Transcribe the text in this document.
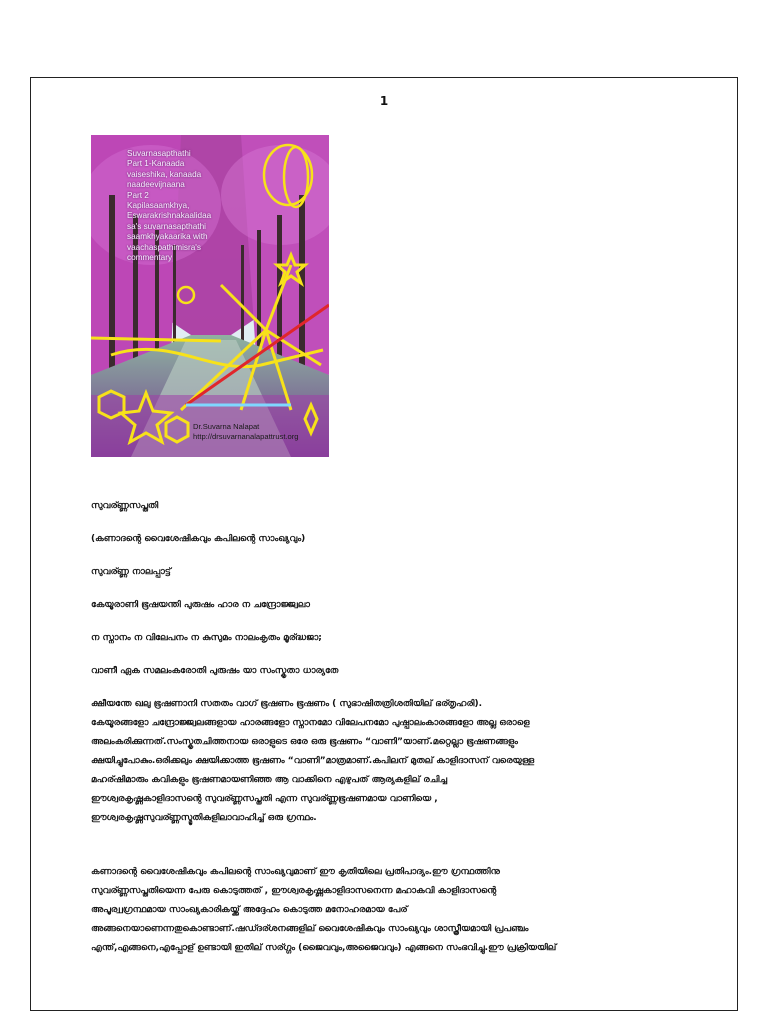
1
Suvarnasapthathi
Part 1-Kanaada
vaiseshika, kanaada
naadeevijnaana
Part 2
Kapilasaamkhya,
Eswarakrishnakaalidaa
sa's suvarnasapthathi
saamkhyakaarika with
vaachaspathimisra's
commentary
Dr.Suvarna Nalapat
http://drsuvarnanalapattrust.org

സുവര്ണ്ണസപ്തതി

(കണാദന്റെ വൈശേഷികവും കപിലന്റെ സാംഖ്യവും)

സുവര്ണ്ണ നാലപ്പാട്ട്

കേയൂരാണി ഭൂഷയന്തി പുരുഷം ഹാര ന ചന്ദ്രോജ്ജ്വലാ

ന സ്നാനം ന വിലേപനം ന കുസുമം നാലംകൃതം മൂര്ദ്ധജാ;

വാണീ ഏക സമലംകരോതി പുരുഷം യാ സംസ്കൃതാ ധാര്യതേ

ക്ഷീയന്തേ ഖലു ഭൂഷണാനി സതതം വാഗ് ഭൂഷണം ഭൂഷണം ( സുഭാഷിതത്രിശതിയില് ഭര്തൃഹരി).

കേയൂരങ്ങളോ ചന്ദ്രോജ്ജ്വലങ്ങളായ ഹാരങ്ങളോ സ്നാനമോ വിലേപനമോ പുഷ്പാലംകാരങ്ങളോ അല്ല ഒരാളെ

അലംകരിക്കുന്നത്.സംസ്കൃതചിത്തനായ ഒരാളുടെ ഒരേ ഒരു ഭൂഷണം “വാണി”യാണ്.മറ്റെല്ലാ ഭൂഷണങ്ങളും

ക്ഷയിച്ചുപോകും.ഒരിക്കലും ക്ഷയിക്കാത്ത ഭൂഷണം “വാണി”മാത്രമാണ്.കപിലന് മുതല് കാളിദാസന് വരെയുള്ള

മഹര്ഷിമാരും കവികളും ഭൂഷണമായണിഞ്ഞ ആ വാക്കിനെ എഴുപത് ആര്യകളില് രചിച്ച

ഈശ്വരകൃഷ്ണകാളിദാസന്റെ സുവര്ണ്ണസപ്തതി എന്ന സുവര്ണ്ണഭൂഷണമായ വാണിയെ ,

ഈശ്വരകൃഷ്ണസുവര്ണ്ണസ്മൃതികളിലാവാഹിച്ച് ഒരു ഗ്രന്ഥം.

കണാദന്റെ വൈശേഷികവും കപിലന്റെ സാംഖ്യവുമാണ് ഈ കൃതിയിലെ പ്രതിപാദ്യം.ഈ ഗ്രന്ഥത്തിനു

സുവര്ണ്ണസപ്തതിയെന്ന പേരു കൊടുത്തത് , ഈശ്വരകൃഷ്ണകാളിദാസനെന്ന മഹാകവി കാളിദാസന്റെ

അപൂര്വ്വഗ്രന്ഥമായ സാംഖ്യകാരികയ്ക്ക് അദ്ദേഹം കൊടുത്ത മനോഹരമായ പേര്

അങ്ങനെയാണെന്നതുകൊണ്ടാണ്.ഷഡ്ദര്ശനങ്ങളില് വൈശേഷികവും സാംഖ്യവും ശാസ്ത്രീയമായി പ്രപഞ്ചം

എന്ത്,എങ്ങനെ,എപ്പോള് ഉണ്ടായി ഇതില് സര്ഗ്ഗം (ജൈവവും,അജൈവവും) എങ്ങനെ സംഭവിച്ചു.ഈ പ്രക്രിയയില്
